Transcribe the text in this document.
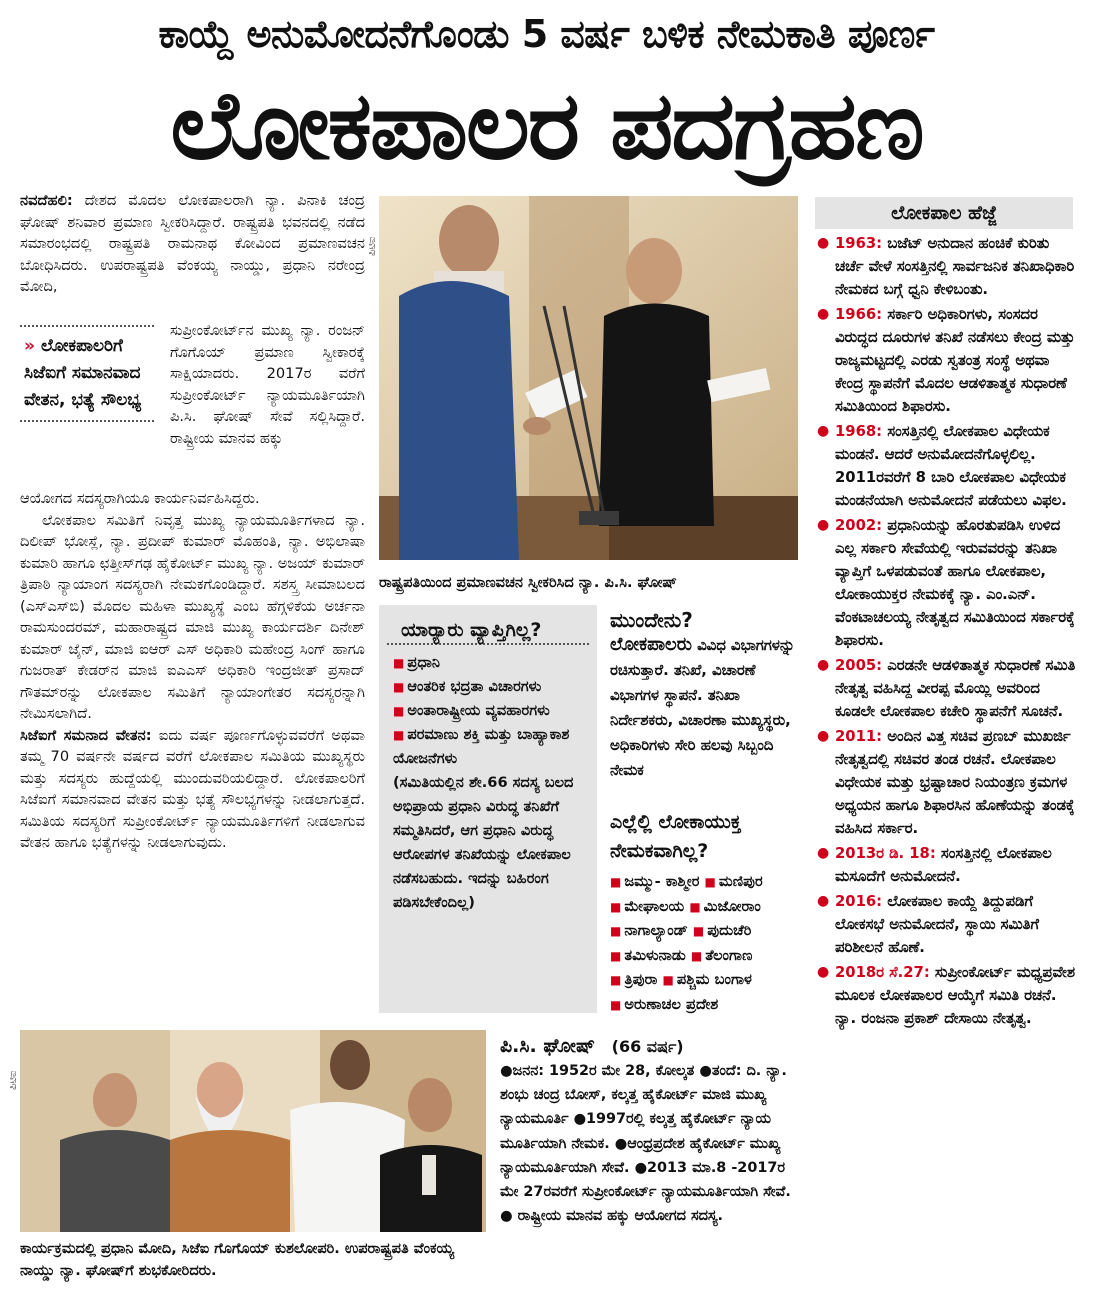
ಕಾಯ್ದೆ ಅನುಮೋದನೆಗೊಂಡು 5 ವರ್ಷ ಬಳಿಕ ನೇಮಕಾತಿ ಪೂರ್ಣ
ಲೋಕಪಾಲರ ಪದಗ್ರಹಣ
ನವದೆಹಲಿ: ದೇಶದ ಮೊದಲ ಲೋಕಪಾಲರಾಗಿ ನ್ಯಾ. ಪಿನಾಕಿ ಚಂದ್ರ ಘೋಷ್ ಶನಿವಾರ ಪ್ರಮಾಣ ಸ್ವೀಕರಿಸಿದ್ದಾರೆ. ರಾಷ್ಟ್ರಪತಿ ಭವನದಲ್ಲಿ ನಡೆದ ಸಮಾರಂಭದಲ್ಲಿ ರಾಷ್ಟ್ರಪತಿ ರಾಮನಾಥ ಕೋವಿಂದ ಪ್ರಮಾಣವಚನ ಬೋಧಿಸಿದರು. ಉಪರಾಷ್ಟ್ರಪತಿ ವೆಂಕಯ್ಯ ನಾಯ್ಡು, ಪ್ರಧಾನಿ ನರೇಂದ್ರ ಮೋದಿ,
» ಲೋಕಪಾಲರಿಗೆ ಸಿಜೆಐಗೆ ಸಮಾನವಾದ ವೇತನ, ಭತ್ಯೆ ಸೌಲಭ್ಯ
ಸುಪ್ರೀಂಕೋರ್ಟ್‌ನ ಮುಖ್ಯ ನ್ಯಾ. ರಂಜನ್ ಗೊಗೊಯ್ ಪ್ರಮಾಣ ಸ್ವೀಕಾರಕ್ಕೆ ಸಾಕ್ಷಿಯಾದರು. 2017ರ ವರೆಗೆ ಸುಪ್ರೀಂಕೋರ್ಟ್ ನ್ಯಾಯಮೂರ್ತಿಯಾಗಿ ಪಿ.ಸಿ. ಘೋಷ್ ಸೇವೆ ಸಲ್ಲಿಸಿದ್ದಾರೆ. ರಾಷ್ಟ್ರೀಯ ಮಾನವ ಹಕ್ಕು

ಆಯೋಗದ ಸದಸ್ಯರಾಗಿಯೂ ಕಾರ್ಯನಿರ್ವಹಿಸಿದ್ದರು.

ಲೋಕಪಾಲ ಸಮಿತಿಗೆ ನಿವೃತ್ತ ಮುಖ್ಯ ನ್ಯಾಯಮೂರ್ತಿಗಳಾದ ನ್ಯಾ. ದಿಲೀಪ್ ಭೋಸ್ಲೆ, ನ್ಯಾ. ಪ್ರದೀಪ್ ಕುಮಾರ್ ಮೊಹಂತಿ, ನ್ಯಾ. ಅಭಿಲಾಷಾ ಕುಮಾರಿ ಹಾಗೂ ಛತ್ತೀಸ್‌ಗಢ ಹೈಕೋರ್ಟ್ ಮುಖ್ಯ ನ್ಯಾ. ಅಜಯ್ ಕುಮಾರ್ ತ್ರಿಪಾಠಿ ನ್ಯಾಯಾಂಗ ಸದಸ್ಯರಾಗಿ ನೇಮಕಗೊಂಡಿದ್ದಾರೆ. ಸಶಸ್ತ್ರ ಸೀಮಾಬಲದ (ಎಸ್‌ಎಸ್‌ಬಿ) ಮೊದಲ ಮಹಿಳಾ ಮುಖ್ಯಸ್ಥೆ ಎಂಬ ಹೆಗ್ಗಳಿಕೆಯ ಅರ್ಚನಾ ರಾಮಸುಂದರಮ್, ಮಹಾರಾಷ್ಟ್ರದ ಮಾಜಿ ಮುಖ್ಯ ಕಾರ್ಯದರ್ಶಿ ದಿನೇಶ್ ಕುಮಾರ್ ಜೈನ್, ಮಾಜಿ ಐಆರ್ ಎಸ್ ಅಧಿಕಾರಿ ಮಹೇಂದ್ರ ಸಿಂಗ್ ಹಾಗೂ ಗುಜರಾತ್ ಕೇಡರ್‌ನ ಮಾಜಿ ಐಎಎಸ್ ಅಧಿಕಾರಿ ಇಂದ್ರಜೀತ್ ಪ್ರಸಾದ್ ಗೌತಮ್‌ರನ್ನು ಲೋಕಪಾಲ ಸಮಿತಿಗೆ ನ್ಯಾಯಾಂಗೇತರ ಸದಸ್ಯರನ್ನಾಗಿ ನೇಮಿಸಲಾಗಿದೆ.

ಸಿಜೆಐಗೆ ಸಮನಾದ ವೇತನ: ಐದು ವರ್ಷ ಪೂರ್ಣಗೊಳ್ಳುವವರೆಗೆ ಅಥವಾ ತಮ್ಮ 70 ವರ್ಷನೇ ವರ್ಷದ ವರೆಗೆ ಲೋಕಪಾಲ ಸಮಿತಿಯ ಮುಖ್ಯಸ್ಥರು ಮತ್ತು ಸದಸ್ಯರು ಹುದ್ದೆಯಲ್ಲಿ ಮುಂದುವರಿಯಲಿದ್ದಾರೆ. ಲೋಕಪಾಲರಿಗೆ ಸಿಜೆಐಗೆ ಸಮಾನವಾದ ವೇತನ ಮತ್ತು ಭತ್ಯೆ ಸೌಲಭ್ಯಗಳನ್ನು ನೀಡಲಾಗುತ್ತದೆ. ಸಮಿತಿಯ ಸದಸ್ಯರಿಗೆ ಸುಪ್ರೀಂಕೋರ್ಟ್ ನ್ಯಾಯಮೂರ್ತಿಗಳಿಗೆ ನೀಡಲಾಗುವ ವೇತನ ಹಾಗೂ ಭತ್ಯೆಗಳನ್ನು ನೀಡಲಾಗುವುದು.

ಪಿಟಿಐ
ರಾಷ್ಟ್ರಪತಿಯಿಂದ ಪ್ರಮಾಣವಚನ ಸ್ವೀಕರಿಸಿದ ನ್ಯಾ. ಪಿ.ಸಿ. ಘೋಷ್
ಯಾರ‍್ಯಾರು ವ್ಯಾಪ್ತಿಗಿಲ್ಲ?
■ ಪ್ರಧಾನಿ
■ ಆಂತರಿಕ ಭದ್ರತಾ ವಿಚಾರಗಳು
■ ಅಂತಾರಾಷ್ಟ್ರೀಯ ವ್ಯವಹಾರಗಳು
■ ಪರಮಾಣು ಶಕ್ತಿ ಮತ್ತು ಬಾಹ್ಯಾಕಾಶ ಯೋಜನೆಗಳು
(ಸಮಿತಿಯಲ್ಲಿನ ಶೇ.66 ಸದಸ್ಯ ಬಲದ ಅಭಿಪ್ರಾಯ ಪ್ರಧಾನಿ ವಿರುದ್ಧ ತನಿಖೆಗೆ ಸಮ್ಮತಿಸಿದರೆ, ಆಗ ಪ್ರಧಾನಿ ವಿರುದ್ಧ ಆರೋಪಗಳ ತನಿಖೆಯನ್ನು ಲೋಕಪಾಲ ನಡೆಸಬಹುದು. ಇದನ್ನು ಬಹಿರಂಗ ಪಡಿಸಬೇಕೆಂದಿಲ್ಲ)
ಮುಂದೇನು?
ಲೋಕಪಾಲರು ವಿವಿಧ ವಿಭಾಗಗಳನ್ನು ರಚಿಸುತ್ತಾರೆ. ತನಿಖೆ, ವಿಚಾರಣೆ ವಿಭಾಗಗಳ ಸ್ಥಾಪನೆ. ತನಿಖಾ ನಿರ್ದೇಶಕರು, ವಿಚಾರಣಾ ಮುಖ್ಯಸ್ಥರು, ಅಧಿಕಾರಿಗಳು ಸೇರಿ ಹಲವು ಸಿಬ್ಬಂದಿ ನೇಮಕ
ಎಲ್ಲೆಲ್ಲಿ ಲೋಕಾಯುಕ್ತ ನೇಮಕವಾಗಿಲ್ಲ?
■ ಜಮ್ಮು- ಕಾಶ್ಮೀರ ■ ಮಣಿಪುರ
■ ಮೇಘಾಲಯ ■ ಮಿಜೋರಾಂ
■ ನಾಗಾಲ್ಯಾಂಡ್ ■ ಪುದುಚೆರಿ
■ ತಮಿಳುನಾಡು ■ ತೆಲಂಗಾಣ
■ ತ್ರಿಪುರಾ ■ ಪಶ್ಚಿಮ ಬಂಗಾಳ
■ ಅರುಣಾಚಲ ಪ್ರದೇಶ
ಪಿಟಿಐ
ಕಾರ್ಯಕ್ರಮದಲ್ಲಿ ಪ್ರಧಾನಿ ಮೋದಿ, ಸಿಜೆಐ ಗೊಗೊಯ್ ಕುಶಲೋಪರಿ. ಉಪರಾಷ್ಟ್ರಪತಿ ವೆಂಕಯ್ಯ ನಾಯ್ಡು ನ್ಯಾ. ಘೋಷ್‌ಗೆ ಶುಭಕೋರಿದರು.
ಪಿ.ಸಿ. ಘೋಷ್ (66 ವರ್ಷ)
●ಜನನ: 1952ರ ಮೇ 28, ಕೋಲ್ಕತ ●ತಂದೆ: ದಿ. ನ್ಯಾ. ಶಂಭು ಚಂದ್ರ ಬೋಸ್, ಕಲ್ಕತ್ತ ಹೈಕೋರ್ಟ್ ಮಾಜಿ ಮುಖ್ಯ ನ್ಯಾಯಮೂರ್ತಿ ●1997ರಲ್ಲಿ ಕಲ್ಕತ್ತ ಹೈಕೋರ್ಟ್ ನ್ಯಾಯ ಮೂರ್ತಿಯಾಗಿ ನೇಮಕ. ●ಆಂಧ್ರಪ್ರದೇಶ ಹೈಕೋರ್ಟ್ ಮುಖ್ಯ ನ್ಯಾಯಮೂರ್ತಿಯಾಗಿ ಸೇವೆ. ●2013 ಮಾ.8 -2017ರ ಮೇ 27ರವರೆಗೆ ಸುಪ್ರೀಂಕೋರ್ಟ್ ನ್ಯಾಯಮೂರ್ತಿಯಾಗಿ ಸೇವೆ. ● ರಾಷ್ಟ್ರೀಯ ಮಾನವ ಹಕ್ಕು ಆಯೋಗದ ಸದಸ್ಯ.
ಲೋಕಪಾಲ ಹೆಜ್ಜೆ
● 1963: ಬಜೆಟ್ ಅನುದಾನ ಹಂಚಿಕೆ ಕುರಿತು ಚರ್ಚೆ ವೇಳೆ ಸಂಸತ್ತಿನಲ್ಲಿ ಸಾರ್ವಜನಿಕ ತನಿಖಾಧಿಕಾರಿ ನೇಮಕದ ಬಗ್ಗೆ ಧ್ವನಿ ಕೇಳಿಬಂತು.
● 1966: ಸರ್ಕಾರಿ ಅಧಿಕಾರಿಗಳು, ಸಂಸದರ ವಿರುದ್ಧದ ದೂರುಗಳ ತನಿಖೆ ನಡೆಸಲು ಕೇಂದ್ರ ಮತ್ತು ರಾಜ್ಯಮಟ್ಟದಲ್ಲಿ ಎರಡು ಸ್ವತಂತ್ರ ಸಂಸ್ಥೆ ಅಥವಾ ಕೇಂದ್ರ ಸ್ಥಾಪನೆಗೆ ಮೊದಲ ಆಡಳಿತಾತ್ಮಕ ಸುಧಾರಣೆ ಸಮಿತಿಯಿಂದ ಶಿಫಾರಸು.
● 1968: ಸಂಸತ್ತಿನಲ್ಲಿ ಲೋಕಪಾಲ ವಿಧೇಯಕ ಮಂಡನೆ. ಆದರೆ ಅನುಮೋದನೆಗೊಳ್ಳಲಿಲ್ಲ. 2011ರವರೆಗೆ 8 ಬಾರಿ ಲೋಕಪಾಲ ವಿಧೇಯಕ ಮಂಡನೆಯಾಗಿ ಅನುಮೋದನೆ ಪಡೆಯಲು ವಿಫಲ.
● 2002: ಪ್ರಧಾನಿಯನ್ನು ಹೊರತುಪಡಿಸಿ ಉಳಿದ ಎಲ್ಲ ಸರ್ಕಾರಿ ಸೇವೆಯಲ್ಲಿ ಇರುವವರನ್ನು ತನಿಖಾ ವ್ಯಾಪ್ತಿಗೆ ಒಳಪಡುವಂತೆ ಹಾಗೂ ಲೋಕಪಾಲ, ಲೋಕಾಯುಕ್ತರ ನೇಮಕಕ್ಕೆ ನ್ಯಾ. ಎಂ.ಎನ್. ವೆಂಕಟಾಚಲಯ್ಯ ನೇತೃತ್ವದ ಸಮಿತಿಯಿಂದ ಸರ್ಕಾರಕ್ಕೆ ಶಿಫಾರಸು.
● 2005: ಎರಡನೇ ಆಡಳಿತಾತ್ಮಕ ಸುಧಾರಣೆ ಸಮಿತಿ ನೇತೃತ್ವ ವಹಿಸಿದ್ದ ವೀರಪ್ಪ ಮೊಯ್ಲಿ ಅವರಿಂದ ಕೂಡಲೇ ಲೋಕಪಾಲ ಕಚೇರಿ ಸ್ಥಾಪನೆಗೆ ಸೂಚನೆ.
● 2011: ಅಂದಿನ ವಿತ್ತ ಸಚಿವ ಪ್ರಣಬ್ ಮುಖರ್ಜಿ ನೇತೃತ್ವದಲ್ಲಿ ಸಚಿವರ ತಂಡ ರಚನೆ. ಲೋಕಪಾಲ ವಿಧೇಯಕ ಮತ್ತು ಭ್ರಷ್ಟಾಚಾರ ನಿಯಂತ್ರಣ ಕ್ರಮಗಳ ಅಧ್ಯಯನ ಹಾಗೂ ಶಿಫಾರಸಿನ ಹೊಣೆಯನ್ನು ತಂಡಕ್ಕೆ ವಹಿಸಿದ ಸರ್ಕಾರ.
● 2013ರ ಡಿ. 18: ಸಂಸತ್ತಿನಲ್ಲಿ ಲೋಕಪಾಲ ಮಸೂದೆಗೆ ಅನುಮೋದನೆ.
● 2016: ಲೋಕಪಾಲ ಕಾಯ್ದೆ ತಿದ್ದುಪಡಿಗೆ ಲೋಕಸಭೆ ಅನುಮೋದನೆ, ಸ್ಥಾಯಿ ಸಮಿತಿಗೆ ಪರಿಶೀಲನೆ ಹೊಣೆ.
● 2018ರ ಸೆ.27: ಸುಪ್ರೀಂಕೋರ್ಟ್ ಮಧ್ಯಪ್ರವೇಶ ಮೂಲಕ ಲೋಕಪಾಲರ ಆಯ್ಕೆಗೆ ಸಮಿತಿ ರಚನೆ. ನ್ಯಾ. ರಂಜನಾ ಪ್ರಕಾಶ್ ದೇಸಾಯಿ ನೇತೃತ್ವ.
